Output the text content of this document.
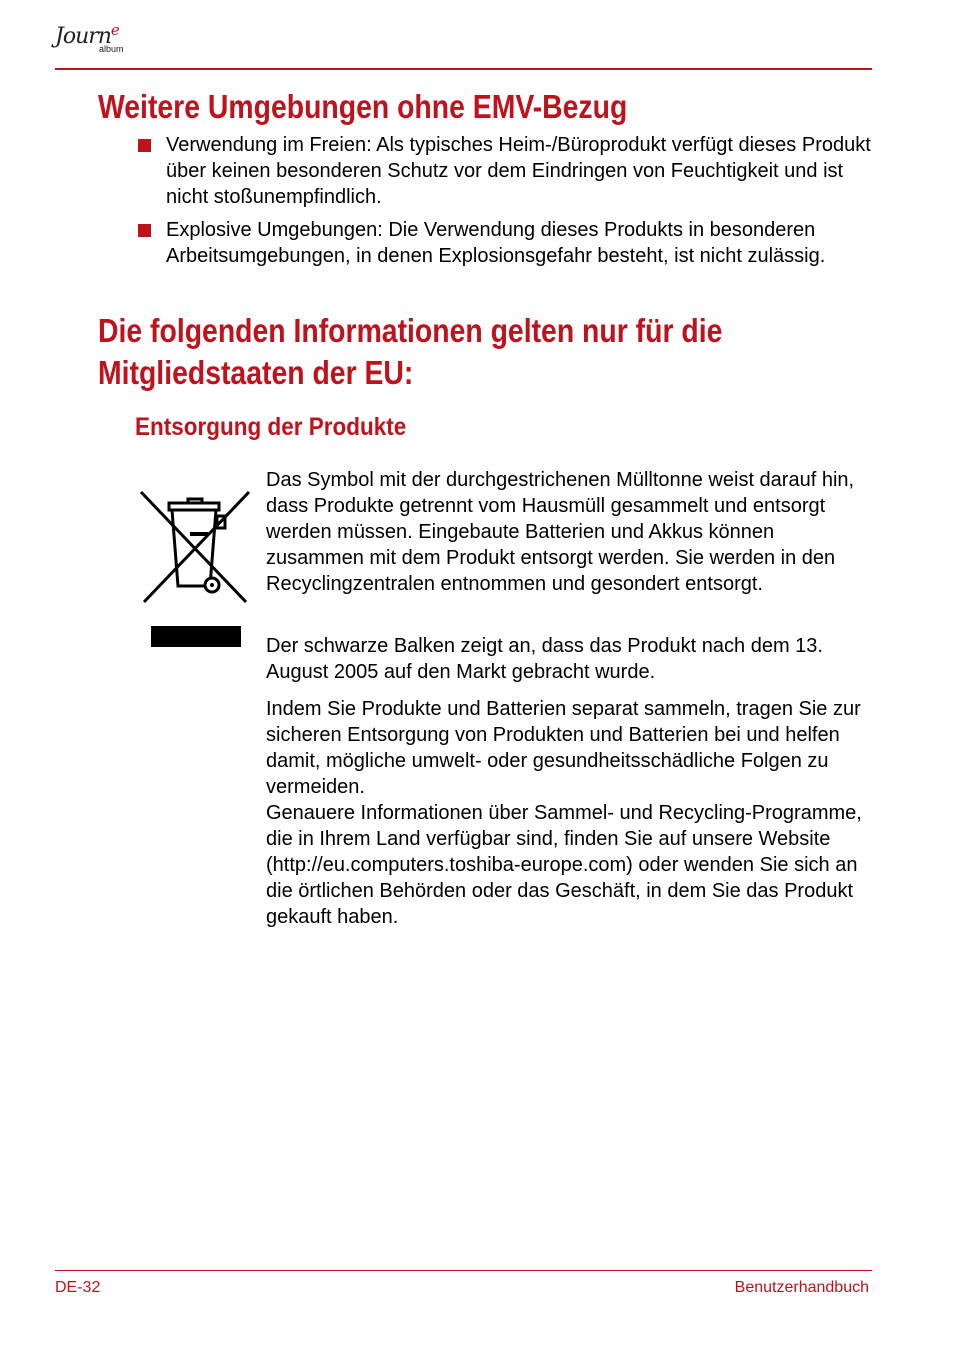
Journ$^e$
album
Weitere Umgebungen ohne EMV-Bezug
Verwendung im Freien: Als typisches Heim-/Büroprodukt verfügt dieses Produkt über keinen besonderen Schutz vor dem Eindringen von Feuchtigkeit und ist nicht stoßunempfindlich.
Explosive Umgebungen: Die Verwendung dieses Produkts in besonderen Arbeitsumgebungen, in denen Explosionsgefahr besteht, ist nicht zulässig.
Die folgenden Informationen gelten nur für die Mitgliedstaaten der EU:
Entsorgung der Produkte
Das Symbol mit der durchgestrichenen Mülltonne weist darauf hin, dass Produkte getrennt vom Hausmüll gesammelt und entsorgt werden müssen. Eingebaute Batterien und Akkus können zusammen mit dem Produkt entsorgt werden. Sie werden in den Recyclingzentralen entnommen und gesondert entsorgt.
Der schwarze Balken zeigt an, dass das Produkt nach dem 13. August 2005 auf den Markt gebracht wurde.
Indem Sie Produkte und Batterien separat sammeln, tragen Sie zur sicheren Entsorgung von Produkten und Batterien bei und helfen damit, mögliche umwelt- oder gesundheitsschädliche Folgen zu vermeiden.
Genauere Informationen über Sammel- und Recycling-Programme, die in Ihrem Land verfügbar sind, finden Sie auf unsere Website (http://eu.computers.toshiba-europe.com) oder wenden Sie sich an die örtlichen Behörden oder das Geschäft, in dem Sie das Produkt gekauft haben.
DE-32	Benutzerhandbuch
